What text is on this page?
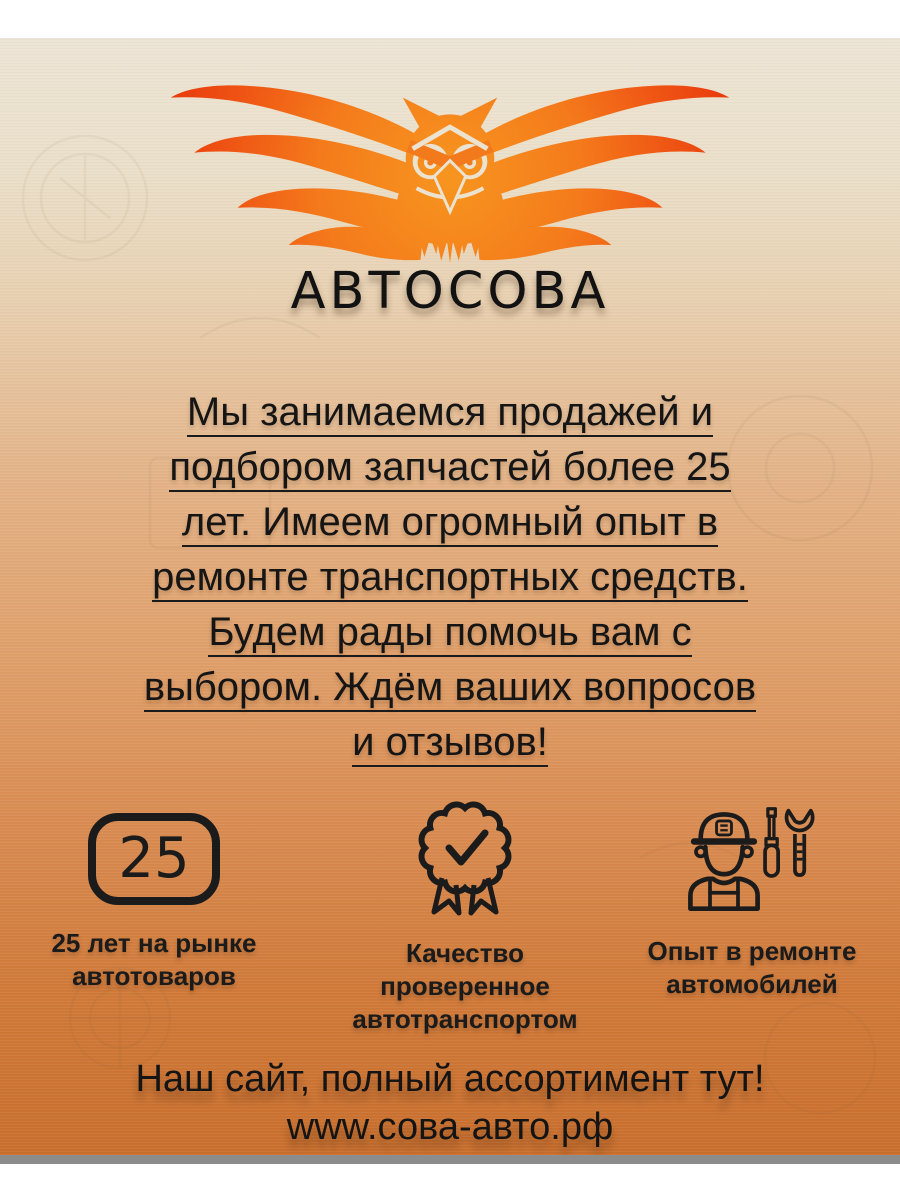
АВТОСОВА
Мы занимаемся продажей и
подбором запчастей более 25
лет. Имеем огромный опыт в
ремонте транспортных средств.
Будем рады помочь вам с
выбором. Ждём ваших вопросов
и отзывов!
25
25 лет на рынке
автотоваров
Качество
проверенное
автотранспортом
Опыт в ремонте
автомобилей
Наш сайт, полный ассортимент тут!
www.сова-авто.рф
